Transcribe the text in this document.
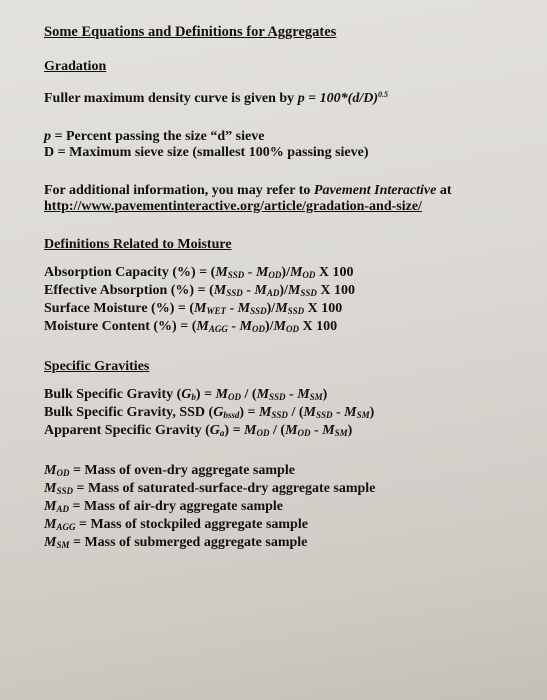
Some Equations and Definitions for Aggregates
Gradation
Fuller maximum density curve is given by $p = 100*(d/D)^{0.5}$
p = Percent passing the size “d” sieve
D = Maximum sieve size (smallest 100% passing sieve)
For additional information, you may refer to Pavement Interactive at
http://www.pavementinteractive.org/article/gradation-and-size/
Definitions Related to Moisture
Absorption Capacity (%) = $(M_{SSD} - M_{OD})/M_{OD}$ X 100
Effective Absorption (%) = $(M_{SSD} - M_{AD})/M_{SSD}$ X 100
Surface Moisture (%) = $(M_{WET} - M_{SSD})/M_{SSD}$ X 100
Moisture Content (%) = $(M_{AGG} - M_{OD})/M_{OD}$ X 100
Specific Gravities
Bulk Specific Gravity $(G_b) = M_{OD} / (M_{SSD} - M_{SM})$
Bulk Specific Gravity, SSD $(G_{bssd}) = M_{SSD} / (M_{SSD} - M_{SM})$
Apparent Specific Gravity $(G_a) = M_{OD} / (M_{OD} - M_{SM})$
$M_{OD}$ = Mass of oven-dry aggregate sample
$M_{SSD}$ = Mass of saturated-surface-dry aggregate sample
$M_{AD}$ = Mass of air-dry aggregate sample
$M_{AGG}$ = Mass of stockpiled aggregate sample
$M_{SM}$ = Mass of submerged aggregate sample
